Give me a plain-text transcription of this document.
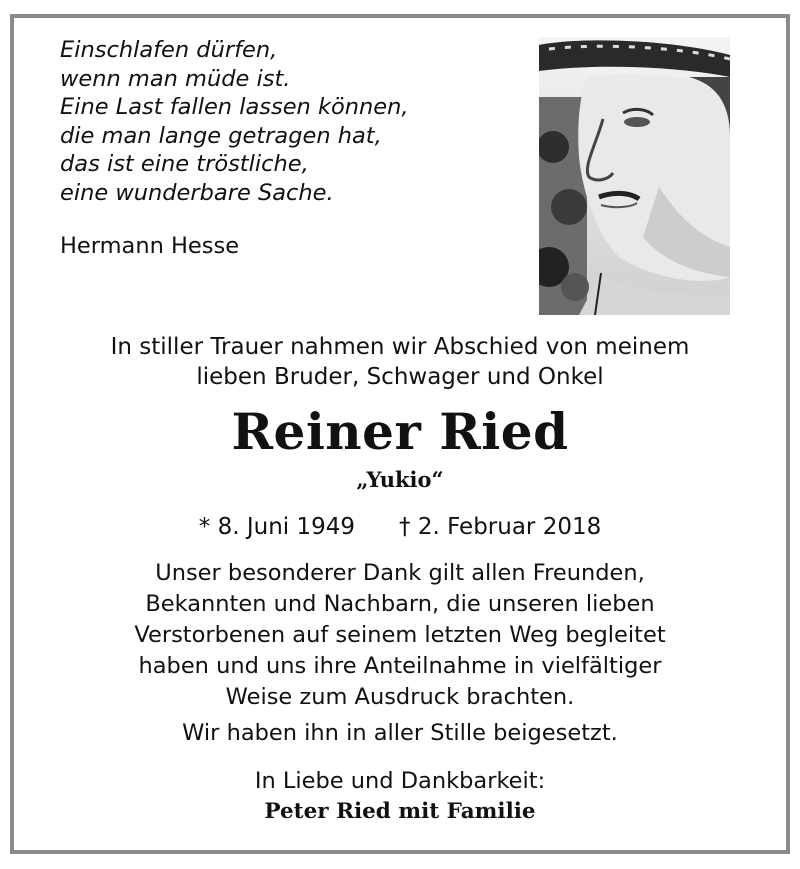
Einschlafen dürfen,
wenn man müde ist.
Eine Last fallen lassen können,
die man lange getragen hat,
das ist eine tröstliche,
eine wunderbare Sache.
Hermann Hesse
In stiller Trauer nahmen wir Abschied von meinem
lieben Bruder, Schwager und Onkel
Reiner Ried
„Yukio“
* 8. Juni 1949 † 2. Februar 2018
Unser besonderer Dank gilt allen Freunden,
Bekannten und Nachbarn, die unseren lieben
Verstorbenen auf seinem letzten Weg begleitet
haben und uns ihre Anteilnahme in vielfältiger
Weise zum Ausdruck brachten.
Wir haben ihn in aller Stille beigesetzt.
In Liebe und Dankbarkeit:
Peter Ried mit Familie
